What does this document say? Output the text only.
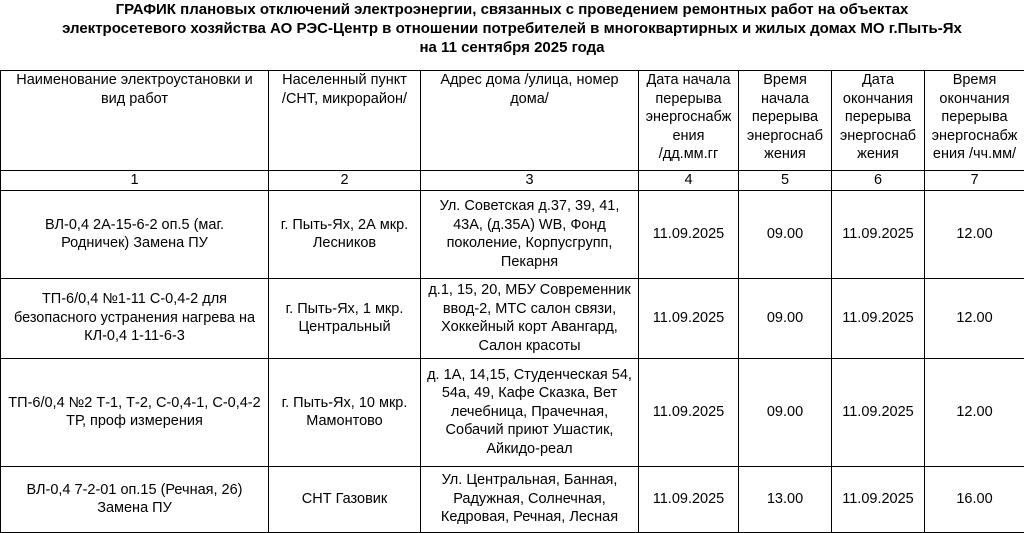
ГРАФИК плановых отключений электроэнергии, связанных с проведением ремонтных работ на объектах
электросетевого хозяйства АО РЭС-Центр в отношении потребителей в многоквартирных и жилых домах МО г.Пыть-Ях
на 11 сентября 2025 года
Наименование электроустановки и
вид работ	Населенный пункт
/СНТ, микрорайон/	Адрес дома /улица, номер
дома/	Дата начала
перерыва
энергоснабж
ения
/дд.мм.гг	Время
начала
перерыва
энергоснаб
жения	Дата
окончания
перерыва
энергоснаб
жения	Время
окончания
перерыва
энергоснабж
ения /чч.мм/
1	2	3	4	5	6	7
ВЛ-0,4 2А-15-6-2 оп.5 (маг.
Родничек) Замена ПУ	г. Пыть-Ях, 2А мкр.
Лесников	Ул. Советская д.37, 39, 41,
43А, (д.35А) WB, Фонд
поколение, Корпусгрупп,
Пекарня	11.09.2025	09.00	11.09.2025	12.00
ТП-6/0,4 №1-11 С-0,4-2 для
безопасного устранения нагрева на
КЛ-0,4 1-11-6-3	г. Пыть-Ях, 1 мкр.
Центральный	д.1, 15, 20, МБУ Современник
ввод-2, МТС салон связи,
Хоккейный корт Авангард,
Салон красоты	11.09.2025	09.00	11.09.2025	12.00
ТП-6/0,4 №2 Т-1, Т-2, С-0,4-1, С-0,4-2
ТР, проф измерения	г. Пыть-Ях, 10 мкр.
Мамонтово	д. 1А, 14,15, Студенческая 54,
54а, 49, Кафе Сказка, Вет
лечебница, Прачечная,
Собачий приют Ушастик,
Айкидо-реал	11.09.2025	09.00	11.09.2025	12.00
ВЛ-0,4 7-2-01 оп.15 (Речная, 26)
Замена ПУ	СНТ Газовик	Ул. Центральная, Банная,
Радужная, Солнечная,
Кедровая, Речная, Лесная	11.09.2025	13.00	11.09.2025	16.00
